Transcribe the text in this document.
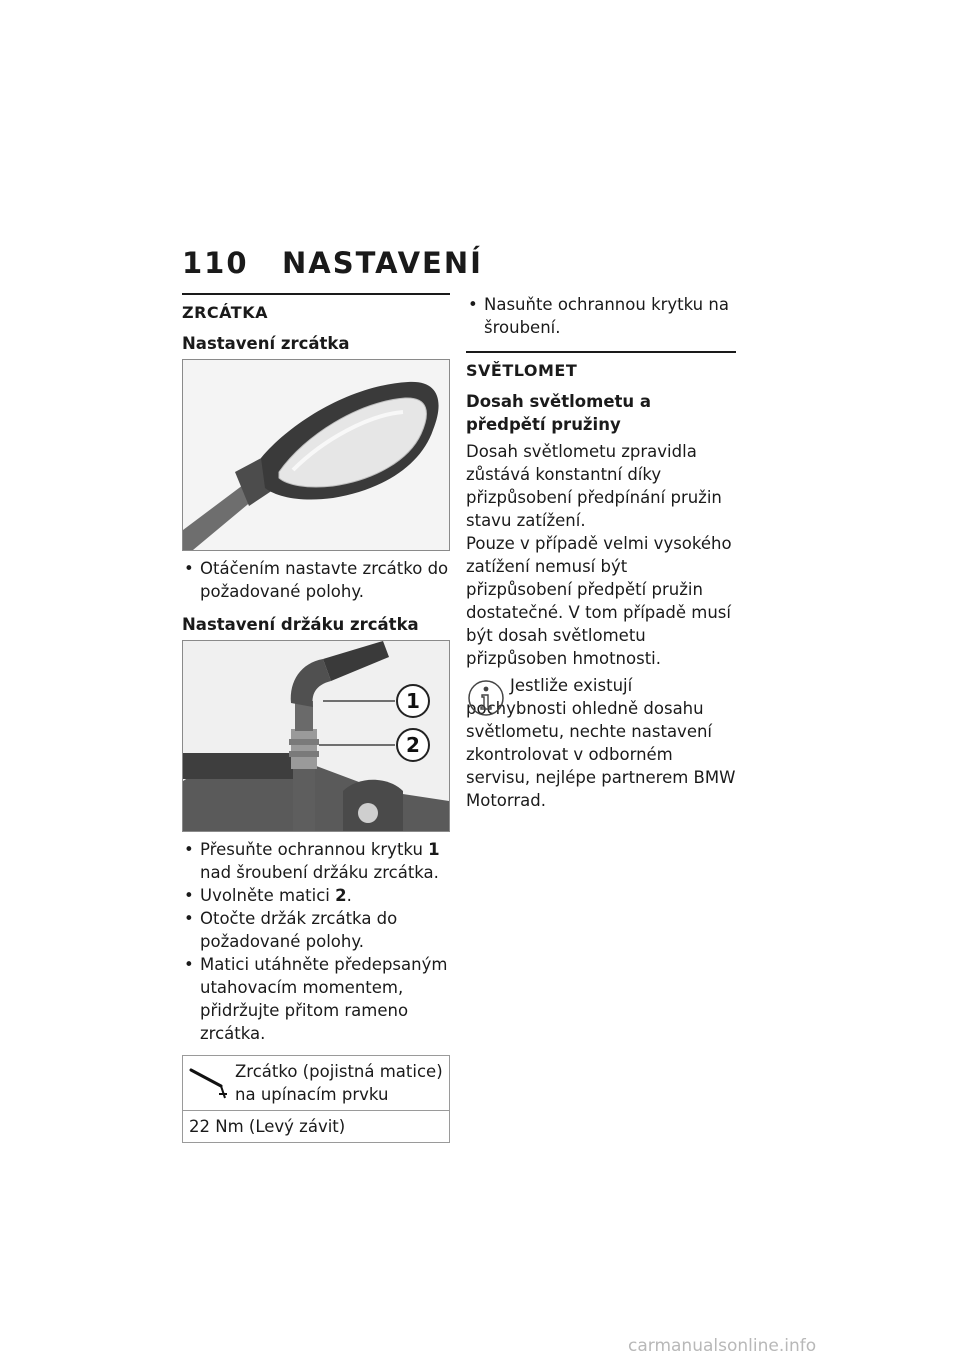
110 NASTAVENÍ
ZRCÁTKA
Nastavení zrcátka
• Otáčením nastavte zrcátko do požadované polohy.
Nastavení držáku zrcátka
1
2
• Přesuňte ochrannou krytku 1 nad šroubení držáku zrcátka.
• Uvolněte matici 2.
• Otočte držák zrcátka do požadované polohy.
• Matici utáhněte předepsaným utahovacím momentem, přidržujte přitom rameno zrcátka.
Zrcátko (pojistná matice) na upínacím prvku

22 Nm (Levý závit)
• Nasuňte ochrannou krytku na šroubení.
SVĚTLOMET
Dosah světlometu a předpětí pružiny

Dosah světlometu zpravidla zůstává konstantní díky přizpůsobení předpínání pružin stavu zatížení.

Pouze v případě velmi vysokého zatížení nemusí být přizpůsobení předpětí pružin dostatečné. V tom případě musí být dosah světlometu přizpůsoben hmotnosti.

Jestliže existují pochybnosti ohledně dosahu světlometu, nechte nastavení zkontrolovat v odborném servisu, nejlépe partnerem BMW Motorrad.

carmanualsonline.info
